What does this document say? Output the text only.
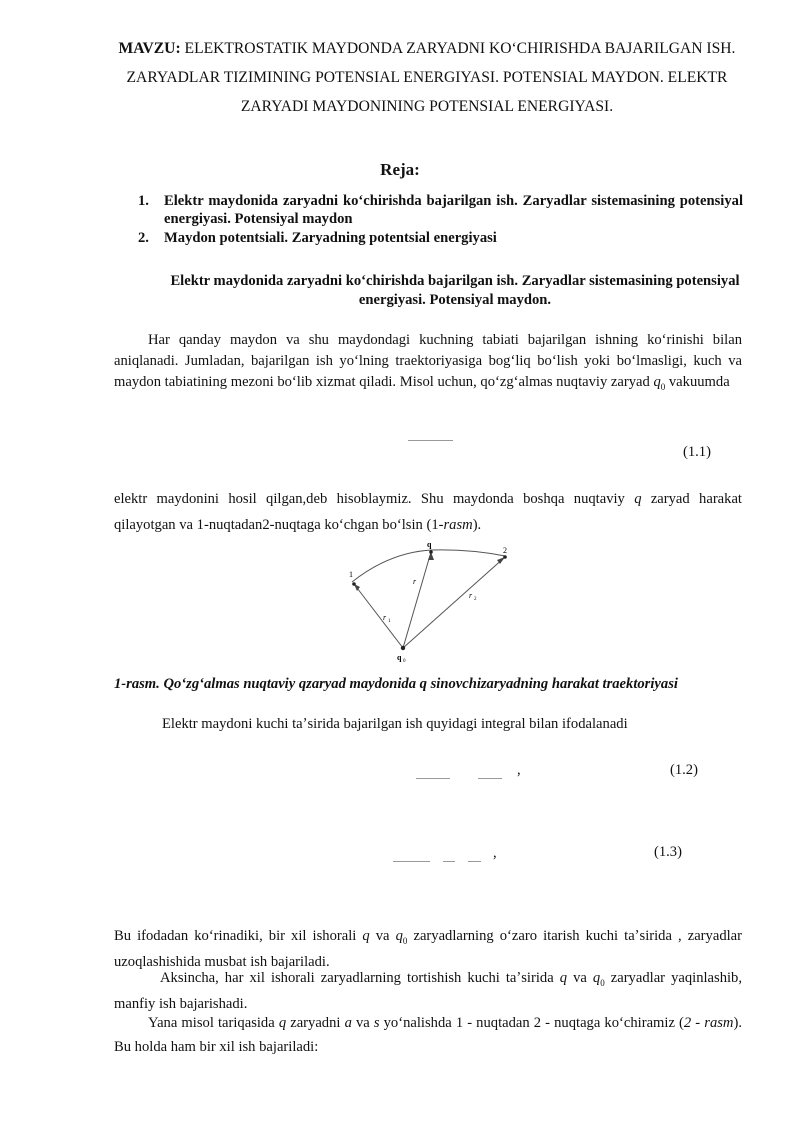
MAVZU: ELEKTROSTATIK MAYDONDA ZARYADNI KOʻCHIRISHDA BAJARILGAN ISH. ZARYADLAR TIZIMINING POTENSIAL ENERGIYASI. POTENSIAL MAYDON. ELEKTR ZARYADI MAYDONINING POTENSIAL ENERGIYASI.
Reja:
1. Elektr maydonida zaryadni koʻchirishda bajarilgan ish. Zaryadlar sistemasining potensiyal energiyasi. Potensiyal maydon
2. Maydon potentsiali. Zaryadning potentsial energiyasi
Elektr maydonida zaryadni koʻchirishda bajarilgan ish. Zaryadlar sistemasining potensiyal energiyasi. Potensiyal maydon.
Har qanday maydon va shu maydondagi kuchning tabiati bajarilgan ishning koʻrinishi bilan aniqlanadi. Jumladan, bajarilgan ish yoʻlning traektoriyasiga bogʻliq boʻlish yoki boʻlmasligi, kuch va maydon tabiatining mezoni boʻlib xizmat qiladi. Misol uchun, qoʻzgʻalmas nuqtaviy zaryad $q_0$ vakuumda
(1.1)
elektr maydonini hosil qilgan,deb hisoblaymiz. Shu maydonda boshqa nuqtaviy q zaryad harakat qilayotgan va 1-nuqtadan2-nuqtaga koʻchgan boʻlsin (1-rasm).
1
q
2
r 1
r
r 2
q 0
1-rasm. Qoʻzgʻalmas nuqtaviy qzaryad maydonida q sinovchizaryadning harakat traektoriyasi
Elektr maydoni kuchi taʼsirida bajarilgan ish quyidagi integral bilan ifodalanadi
,	(1.2)
,	(1.3)
Bu ifodadan koʻrinadiki, bir xil ishorali q va $q_0$ zaryadlarning oʻzaro itarish kuchi taʼsirida , zaryadlar uzoqlashishida musbat ish bajariladi.
Aksincha, har xil ishorali zaryadlarning tortishish kuchi taʼsirida q va $q_0$ zaryadlar yaqinlashib, manfiy ish bajarishadi.
Yana misol tariqasida q zaryadni a va s yoʻnalishda 1 - nuqtadan 2 - nuqtaga koʻchiramiz (2 - rasm). Bu holda ham bir xil ish bajariladi:
